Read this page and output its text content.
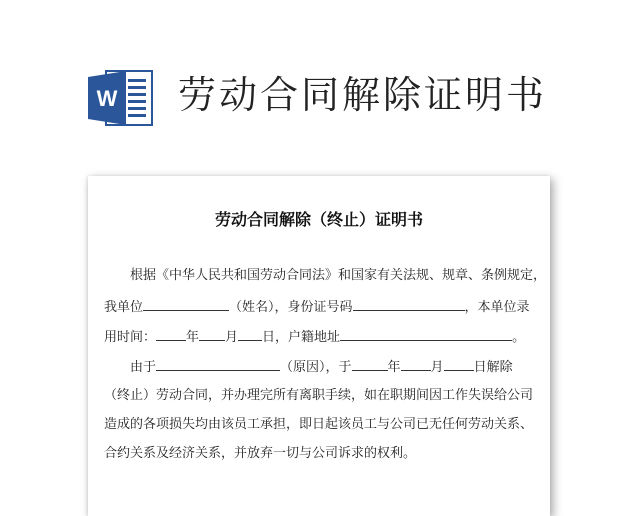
W 劳动合同解除证明书
劳动合同解除（终止）证明书
根据《中华人民共和国劳动合同法》和国家有关法规、规章、条例规定，
我单位	（姓名），身份证号码	，本单位录
用时间： 年 月 日，户籍地址	。
由于	（原因），于	年 月 日解除
（终止）劳动合同，并办理完所有离职手续，如在职期间因工作失误给公司
造成的各项损失均由该员工承担，即日起该员工与公司已无任何劳动关系、
合约关系及经济关系，并放弃一切与公司诉求的权利。
